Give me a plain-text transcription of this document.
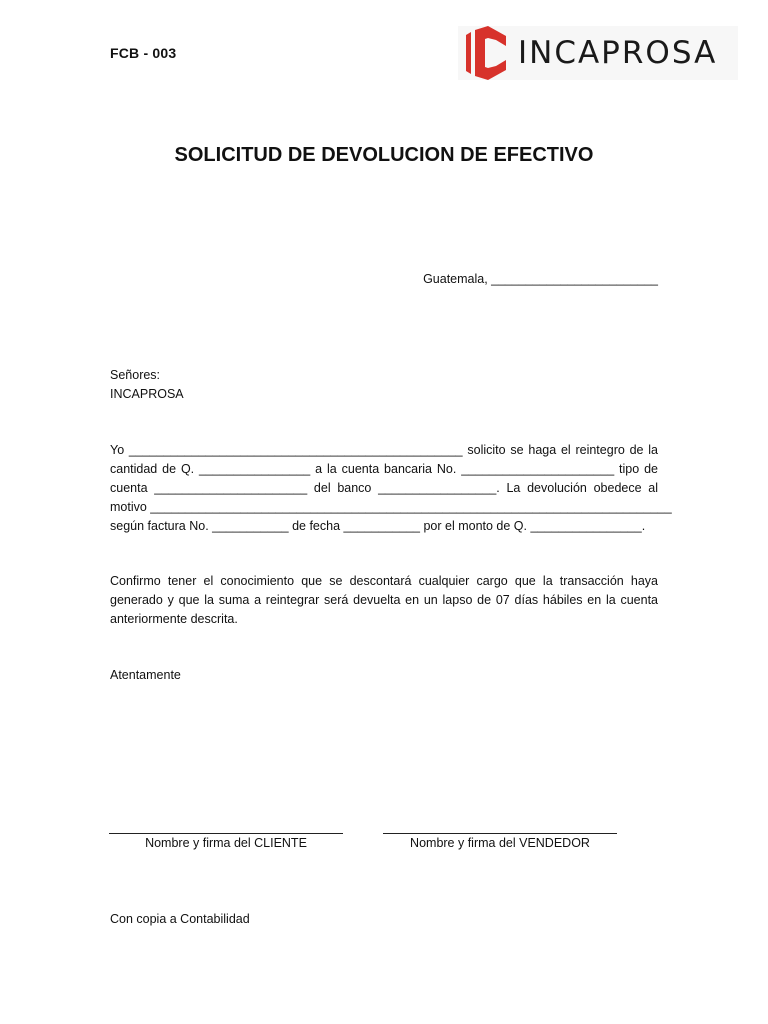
FCB - 003	INCAPROSA
SOLICITUD DE DEVOLUCION DE EFECTIVO
Guatemala, ________________________
Señores:
INCAPROSA
Yo ________________________________________________ solicito se haga el reintegro de la
cantidad de Q. ________________ a la cuenta bancaria No. ______________________ tipo de
cuenta ______________________ del banco _________________. La devolución obedece al
motivo ___________________________________________________________________________
según factura No. ___________ de fecha ___________ por el monto de Q. ________________.
Confirmo tener el conocimiento que se descontará cualquier cargo que la transacción haya generado y que la suma a reintegrar será devuelta en un lapso de 07 días hábiles en la cuenta anteriormente descrita.
Atentamente
Nombre y firma del CLIENTE	Nombre y firma del VENDEDOR
Con copia a Contabilidad
